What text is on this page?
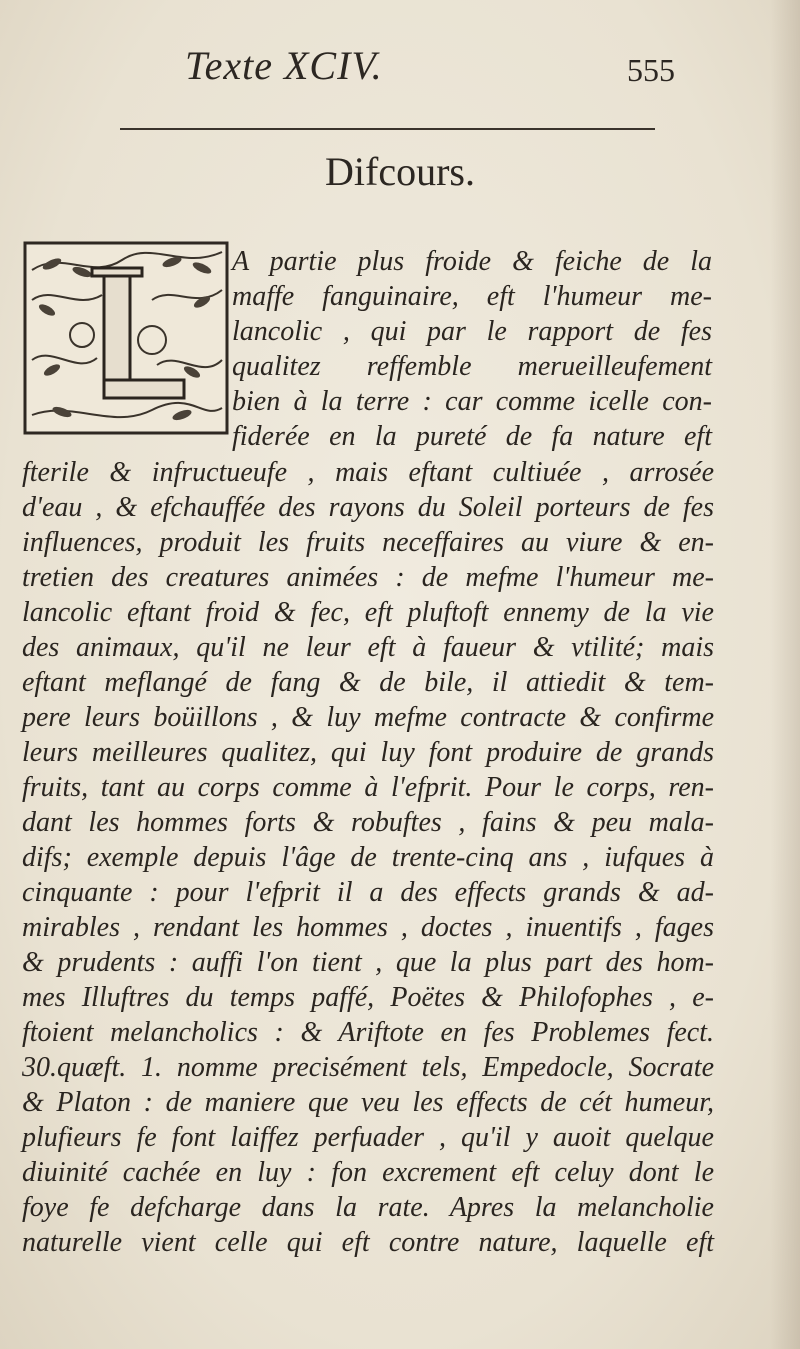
Texte XCIV.	555
Difcours.
A partie plus froide & feiche de la
maffe fanguinaire, eft l'humeur me-
lancolic , qui par le rapport de fes
qualitez reffemble merueilleufement
bien à la terre : car comme icelle con-
fiderée en la pureté de fa nature eft
fterile & infructueufe , mais eftant cultiuée , arrosée
d'eau , & efchauffée des rayons du Soleil porteurs de fes
influences, produit les fruits neceffaires au viure & en-
tretien des creatures animées : de mefme l'humeur me-
lancolic eftant froid & fec, eft pluftoft ennemy de la vie
des animaux, qu'il ne leur eft à faueur & vtilité; mais
eftant meflangé de fang & de bile, il attiedit & tem-
pere leurs boüillons , & luy mefme contracte & confirme
leurs meilleures qualitez, qui luy font produire de grands
fruits, tant au corps comme à l'efprit. Pour le corps, ren-
dant les hommes forts & robuftes , fains & peu mala-
difs; exemple depuis l'âge de trente-cinq ans , iufques à
cinquante : pour l'efprit il a des effects grands & ad-
mirables , rendant les hommes , doctes , inuentifs , fages
& prudents : auffi l'on tient , que la plus part des hom-
mes Illuftres du temps paffé, Poëtes & Philofophes , e-
ftoient melancholics : & Ariftote en fes Problemes fect.
30.quæft. 1. nomme precisément tels, Empedocle, Socrate
& Platon : de maniere que veu les effects de cét humeur,
plufieurs fe font laiffez perfuader , qu'il y auoit quelque
diuinité cachée en luy : fon excrement eft celuy dont le
foye fe defcharge dans la rate. Apres la melancholie
naturelle vient celle qui eft contre nature, laquelle eft
